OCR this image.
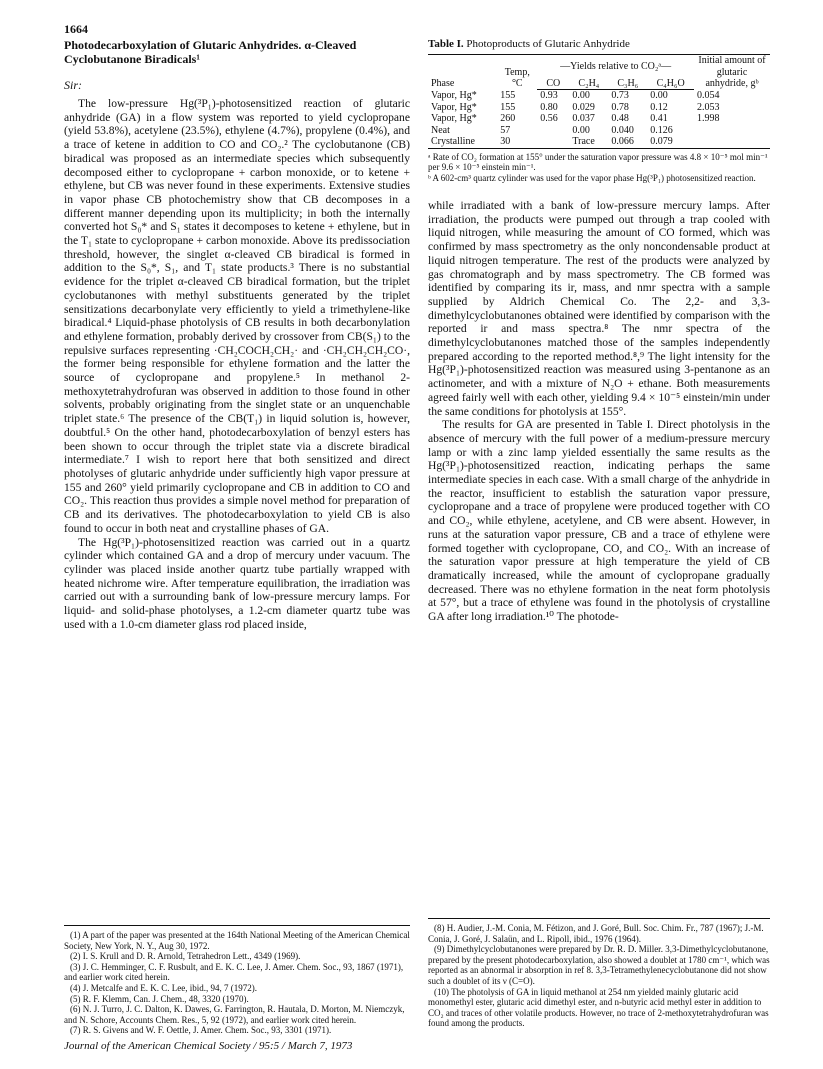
1664
Photodecarboxylation of Glutaric Anhydrides. α-Cleaved Cyclobutanone Biradicals¹
Sir:

The low-pressure Hg(³P₁)-photosensitized reaction of glutaric anhydride (GA) in a flow system was reported to yield cyclopropane (yield 53.8%), acetylene (23.5%), ethylene (4.7%), propylene (0.4%), and a trace of ketene in addition to CO and CO₂.² The cyclobutanone (CB) biradical was proposed as an intermediate species which subsequently decomposed either to cyclopropane + carbon monoxide, or to ketene + ethylene, but CB was never found in these experiments. Extensive studies in vapor phase CB photochemistry show that CB decomposes in a different manner depending upon its multiplicity; in both the internally converted hot S₀* and S₁ states it decomposes to ketene + ethylene, but in the T₁ state to cyclopropane + carbon monoxide. Above its predissociation threshold, however, the singlet α-cleaved CB biradical is formed in addition to the S₀*, S₁, and T₁ state products.³ There is no substantial evidence for the triplet α-cleaved CB biradical formation, but the triplet cyclobutanones with methyl substituents generated by the triplet sensitizations decarbonylate very efficiently to yield a trimethylene-like biradical.⁴ Liquid-phase photolysis of CB results in both decarbonylation and ethylene formation, probably derived by crossover from CB(S₁) to the repulsive surfaces representing ·CH₂COCH₂CH₂· and ·CH₂CH₂CH₂CO·, the former being responsible for ethylene formation and the latter the source of cyclopropane and propylene.⁵ In methanol 2-methoxytetrahydrofuran was observed in addition to those found in other solvents, probably originating from the singlet state or an unquenchable triplet state.⁶ The presence of the CB(T₁) in liquid solution is, however, doubtful.⁵ On the other hand, photodecarboxylation of benzyl esters has been shown to occur through the triplet state via a discrete biradical intermediate.⁷ I wish to report here that both sensitized and direct photolyses of glutaric anhydride under sufficiently high vapor pressure at 155 and 260° yield primarily cyclopropane and CB in addition to CO and CO₂. This reaction thus provides a simple novel method for preparation of CB and its derivatives. The photodecarboxylation to yield CB is also found to occur in both neat and crystalline phases of GA.

The Hg(³P₁)-photosensitized reaction was carried out in a quartz cylinder which contained GA and a drop of mercury under vacuum. The cylinder was placed inside another quartz tube partially wrapped with heated nichrome wire. After temperature equilibration, the irradiation was carried out with a surrounding bank of low-pressure mercury lamps. For liquid- and solid-phase photolyses, a 1.2-cm diameter quartz tube was used with a 1.0-cm diameter glass rod placed inside,

Table I. Photoproducts of Glutaric Anhydride
Phase	Temp, °C	—Yields relative to CO₂ᵃ—				Initial amount of glutaric anhydride, gᵇ
		CO	C₂H₄	C₃H₆	C₄H₆O	
Vapor, Hg*	155	0.93	0.00	0.73	0.00	0.054
Vapor, Hg*	155	0.80	0.029	0.78	0.12	2.053
Vapor, Hg*	260	0.56	0.037	0.48	0.41	1.998
Neat	57		0.00	0.040	0.126	
Crystalline	30		Trace	0.066	0.079	
ᵃ Rate of CO₂ formation at 155° under the saturation vapor pressure was 4.8 × 10⁻⁵ mol min⁻¹ per 9.6 × 10⁻⁵ einstein min⁻¹.
ᵇ A 602-cm³ quartz cylinder was used for the vapor phase Hg(³P₁) photosensitized reaction.

while irradiated with a bank of low-pressure mercury lamps. After irradiation, the products were pumped out through a trap cooled with liquid nitrogen, while measuring the amount of CO formed, which was confirmed by mass spectrometry as the only noncondensable product at liquid nitrogen temperature. The rest of the products were analyzed by gas chromatograph and by mass spectrometry. The CB formed was identified by comparing its ir, mass, and nmr spectra with a sample supplied by Aldrich Chemical Co. The 2,2- and 3,3-dimethylcyclobutanones obtained were identified by comparison with the reported ir and mass spectra.⁸ The nmr spectra of the dimethylcyclobutanones matched those of the samples independently prepared according to the reported method.⁸,⁹ The light intensity for the Hg(³P₁)-photosensitized reaction was measured using 3-pentanone as an actinometer, and with a mixture of N₂O + ethane. Both measurements agreed fairly well with each other, yielding 9.4 × 10⁻⁵ einstein/min under the same conditions for photolysis at 155°.

The results for GA are presented in Table I. Direct photolysis in the absence of mercury with the full power of a medium-pressure mercury lamp or with a zinc lamp yielded essentially the same results as the Hg(³P₁)-photosensitized reaction, indicating perhaps the same intermediate species in each case. With a small charge of the anhydride in the reactor, insufficient to establish the saturation vapor pressure, cyclopropane and a trace of propylene were produced together with CO and CO₂, while ethylene, acetylene, and CB were absent. However, in runs at the saturation vapor pressure, CB and a trace of ethylene were formed together with cyclopropane, CO, and CO₂. With an increase of the saturation vapor pressure at high temperature the yield of CB dramatically increased, while the amount of cyclopropane gradually decreased. There was no ethylene formation in the neat form photolysis at 57°, but a trace of ethylene was found in the photolysis of crystalline GA after long irradiation.¹⁰ The photode-

(1) A part of the paper was presented at the 164th National Meeting of the American Chemical Society, New York, N. Y., Aug 30, 1972.

(2) I. S. Krull and D. R. Arnold, Tetrahedron Lett., 4349 (1969).

(3) J. C. Hemminger, C. F. Rusbult, and E. K. C. Lee, J. Amer. Chem. Soc., 93, 1867 (1971), and earlier work cited herein.

(4) J. Metcalfe and E. K. C. Lee, ibid., 94, 7 (1972).

(5) R. F. Klemm, Can. J. Chem., 48, 3320 (1970).

(6) N. J. Turro, J. C. Dalton, K. Dawes, G. Farrington, R. Hautala, D. Morton, M. Niemczyk, and N. Schore, Accounts Chem. Res., 5, 92 (1972), and earlier work cited herein.

(7) R. S. Givens and W. F. Oettle, J. Amer. Chem. Soc., 93, 3301 (1971).

(8) H. Audier, J.-M. Conia, M. Fétizon, and J. Goré, Bull. Soc. Chim. Fr., 787 (1967); J.-M. Conia, J. Goré, J. Salaün, and L. Ripoll, ibid., 1976 (1964).

(9) Dimethylcyclobutanones were prepared by Dr. R. D. Miller. 3,3-Dimethylcyclobutanone, prepared by the present photodecarboxylation, also showed a doublet at 1780 cm⁻¹, which was reported as an abnormal ir absorption in ref 8. 3,3-Tetramethylenecyclobutanone did not show such a doublet of its ν (C=O).

(10) The photolysis of GA in liquid methanol at 254 nm yielded mainly glutaric acid monomethyl ester, glutaric acid dimethyl ester, and n-butyric acid methyl ester in addition to CO₂ and traces of other volatile products. However, no trace of 2-methoxytetrahydrofuran was found among the products.

Journal of the American Chemical Society / 95:5 / March 7, 1973
